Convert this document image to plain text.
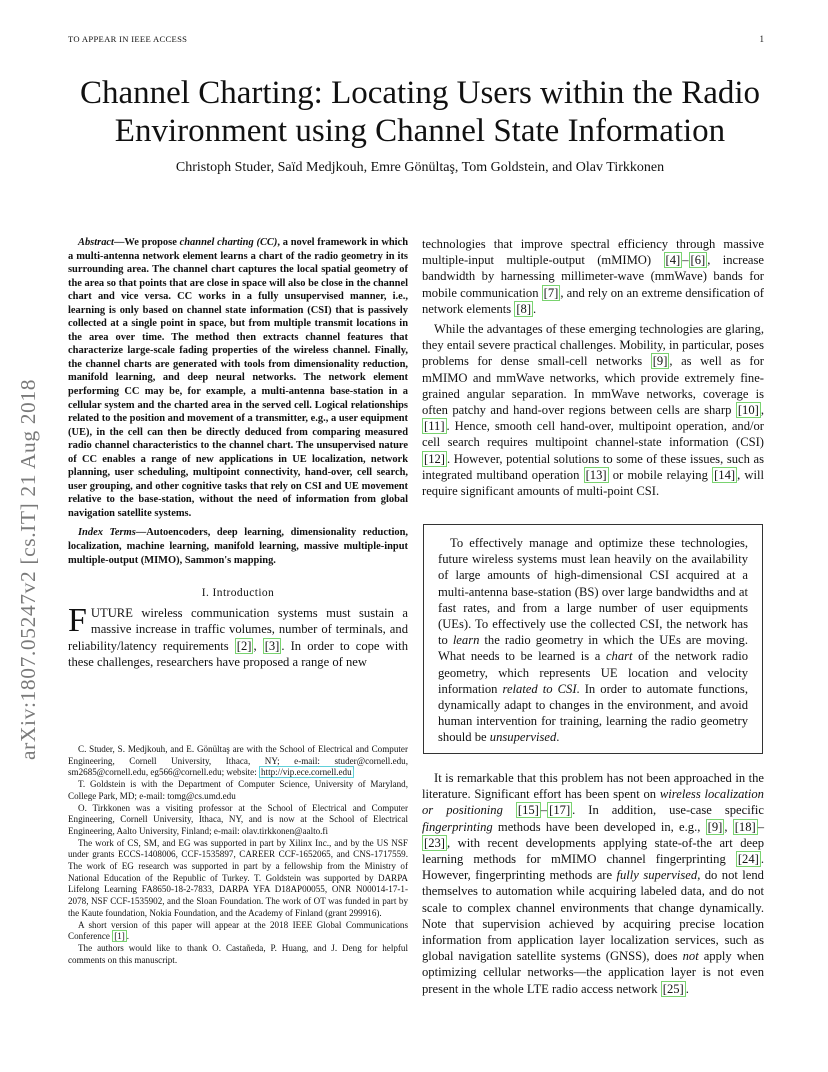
TO APPEAR IN IEEE ACCESS	1
arXiv:1807.05247v2 [cs.IT] 21 Aug 2018
Channel Charting: Locating Users within the Radio
Environment using Channel State Information
Christoph Studer, Saïd Medjkouh, Emre Gönültaş, Tom Goldstein, and Olav Tirkkonen

Abstract—We propose channel charting (CC), a novel framework in which a multi-antenna network element learns a chart of the radio geometry in its surrounding area. The channel chart captures the local spatial geometry of the area so that points that are close in space will also be close in the channel chart and vice versa. CC works in a fully unsupervised manner, i.e., learning is only based on channel state information (CSI) that is passively collected at a single point in space, but from multiple transmit locations in the area over time. The method then extracts channel features that characterize large-scale fading properties of the wireless channel. Finally, the channel charts are generated with tools from dimensionality reduction, manifold learning, and deep neural networks. The network element performing CC may be, for example, a multi-antenna base-station in a cellular system and the charted area in the served cell. Logical relationships related to the position and movement of a transmitter, e.g., a user equipment (UE), in the cell can then be directly deduced from comparing measured radio channel characteristics to the channel chart. The unsupervised nature of CC enables a range of new applications in UE localization, network planning, user scheduling, multipoint connectivity, hand-over, cell search, user grouping, and other cognitive tasks that rely on CSI and UE movement relative to the base-station, without the need of information from global navigation satellite systems.

Index Terms—Autoencoders, deep learning, dimensionality reduction, localization, machine learning, manifold learning, massive multiple-input multiple-output (MIMO), Sammon's mapping.

I. Introduction

FUTURE wireless communication systems must sustain a massive increase in traffic volumes, number of terminals, and reliability/latency requirements [2] , [3] . In order to cope with these challenges, researchers have proposed a range of new

C. Studer, S. Medjkouh, and E. Gönültaş are with the School of Electrical and Computer Engineering, Cornell University, Ithaca, NY; e-mail: studer@cornell.edu, sm2685@cornell.edu, eg566@cornell.edu; website: http://vip.ece.cornell.edu

T. Goldstein is with the Department of Computer Science, University of Maryland, College Park, MD; e-mail: tomg@cs.umd.edu

O. Tirkkonen was a visiting professor at the School of Electrical and Computer Engineering, Cornell University, Ithaca, NY, and is now at the School of Electrical Engineering, Aalto University, Finland; e-mail: olav.tirkkonen@aalto.fi

The work of CS, SM, and EG was supported in part by Xilinx Inc., and by the US NSF under grants ECCS-1408006, CCF-1535897, CAREER CCF-1652065, and CNS-1717559. The work of EG research was supported in part by a fellowship from the Ministry of National Education of the Republic of Turkey. T. Goldstein was supported by DARPA Lifelong Learning FA8650-18-2-7833, DARPA YFA D18AP00055, ONR N00014-17-1-2078, NSF CCF-1535902, and the Sloan Foundation. The work of OT was funded in part by the Kaute foundation, Nokia Foundation, and the Academy of Finland (grant 299916).

A short version of this paper will appear at the 2018 IEEE Global Communications Conference [1] .

The authors would like to thank O. Castañeda, P. Huang, and J. Deng for helpful comments on this manuscript.

technologies that improve spectral efficiency through massive multiple-input multiple-output (mMIMO) [4] – [6] , increase bandwidth by harnessing millimeter-wave (mmWave) bands for mobile communication [7] , and rely on an extreme densification of network elements [8] .

While the advantages of these emerging technologies are glaring, they entail severe practical challenges. Mobility, in particular, poses problems for dense small-cell networks [9] , as well as for mMIMO and mmWave networks, which provide extremely fine-grained angular separation. In mmWave networks, coverage is often patchy and hand-over regions between cells are sharp [10] , [11] . Hence, smooth cell hand-over, multipoint operation, and/or cell search requires multipoint channel-state information (CSI) [12] . However, potential solutions to some of these issues, such as integrated multiband operation [13] or mobile relaying [14] , will require significant amounts of multi-point CSI.

To effectively manage and optimize these technologies, future wireless systems must lean heavily on the availability of large amounts of high-dimensional CSI acquired at a multi-antenna base-station (BS) over large bandwidths and at fast rates, and from a large number of user equipments (UEs). To effectively use the collected CSI, the network has to learn the radio geometry in which the UEs are moving. What needs to be learned is a chart of the network radio geometry, which represents UE location and velocity information related to CSI. In order to automate functions, dynamically adapt to changes in the environment, and avoid human intervention for training, learning the radio geometry should be unsupervised.

It is remarkable that this problem has not been approached in the literature. Significant effort has been spent on wireless localization or positioning [15] – [17] . In addition, use-case specific fingerprinting methods have been developed in, e.g., [9] , [18] –[23] , with recent developments applying state-of-the art deep learning methods for mMIMO channel fingerprinting [24] . However, fingerprinting methods are fully supervised, do not lend themselves to automation while acquiring labeled data, and do not scale to complex channel environments that change dynamically. Note that supervision achieved by acquiring precise location information from application layer localization services, such as global navigation satellite systems (GNSS), does not apply when optimizing cellular networks—the application layer is not even present in the whole LTE radio access network [25] .
